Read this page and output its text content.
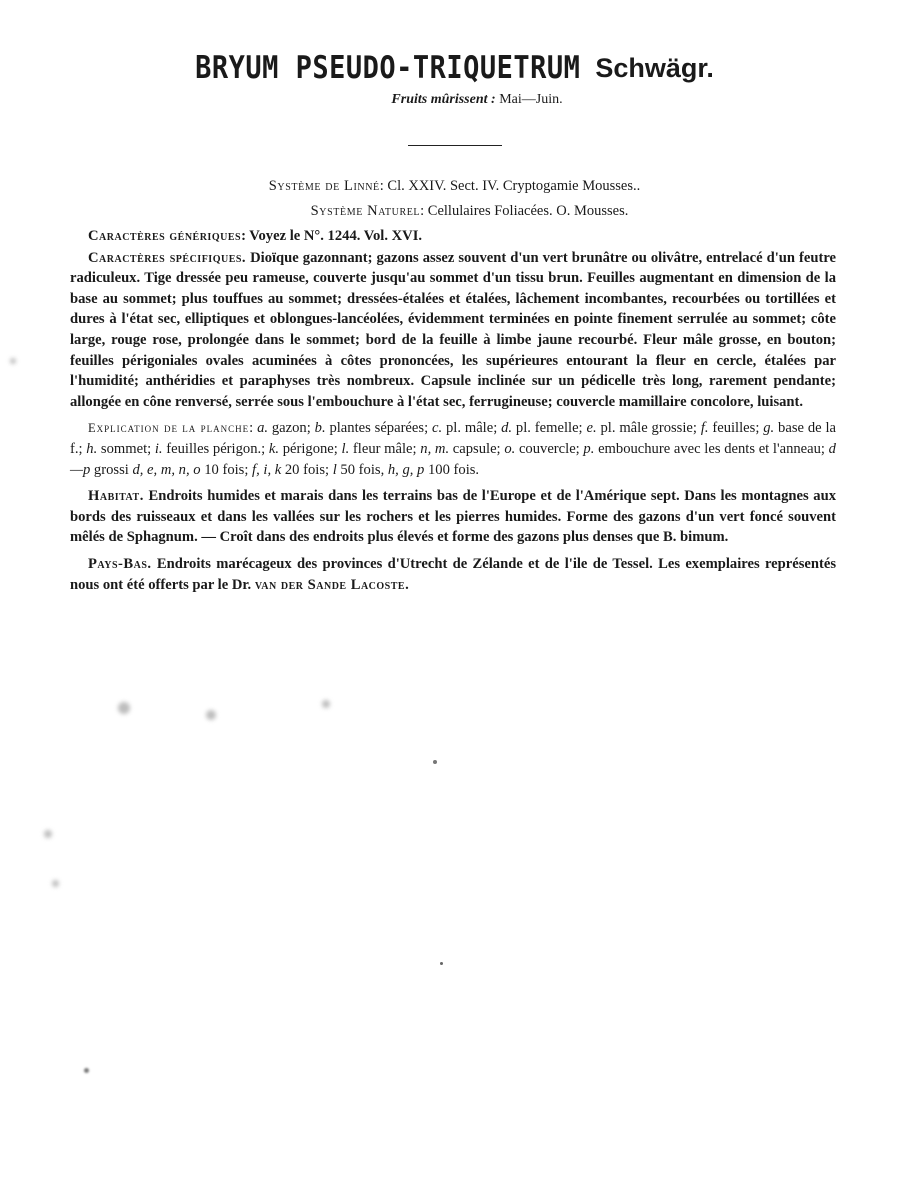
BRYUM PSEUDO-TRIQUETRUM Schwägr.
Fruits mûrissent : Mai—Juin.
Système de Linné: Cl. XXIV. Sect. IV. Cryptogamie Mousses..
Système Naturel: Cellulaires Foliacées. O. Mousses.

Caractères génériques: Voyez le N°. 1244. Vol. XVI.

Caractères spécifiques. Dioïque gazonnant; gazons assez souvent d'un vert brunâtre ou olivâtre, entrelacé d'un feutre radiculeux. Tige dressée peu rameuse, couverte jusqu'au sommet d'un tissu brun. Feuilles augmentant en dimension de la base au sommet; plus touffues au sommet; dressées-étalées et étalées, lâchement incombantes, recourbées ou tortillées et dures à l'état sec, elliptiques et oblongues-lancéolées, évidemment terminées en pointe finement serrulée au sommet; côte large, rouge rose, prolongée dans le sommet; bord de la feuille à limbe jaune recourbé. Fleur mâle grosse, en bouton; feuilles périgoniales ovales acuminées à côtes prononcées, les supérieures entourant la fleur en cercle, étalées par l'humidité; anthéridies et paraphyses très nombreux. Capsule inclinée sur un pédicelle très long, rarement pendante; allongée en cône renversé, serrée sous l'embouchure à l'état sec, ferrugineuse; couvercle mamillaire concolore, luisant.

Explication de la planche: a. gazon; b. plantes séparées; c. pl. mâle; d. pl. femelle; e. pl. mâle grossie; f. feuilles; g. base de la f.; h. sommet; i. feuilles périgon.; k. périgone; l. fleur mâle; n, m. capsule; o. couvercle; p. embouchure avec les dents et l'anneau; d—p grossi d, e, m, n, o 10 fois; f, i, k 20 fois; l 50 fois, h, g, p 100 fois.

Habitat. Endroits humides et marais dans les terrains bas de l'Europe et de l'Amérique sept. Dans les montagnes aux bords des ruisseaux et dans les vallées sur les rochers et les pierres humides. Forme des gazons d'un vert foncé souvent mêlés de Sphagnum. — Croît dans des endroits plus élevés et forme des gazons plus denses que B. bimum.

Pays-Bas. Endroits marécageux des provinces d'Utrecht de Zélande et de l'ile de Tessel. Les exemplaires représentés nous ont été offerts par le Dr. van der Sande Lacoste.
